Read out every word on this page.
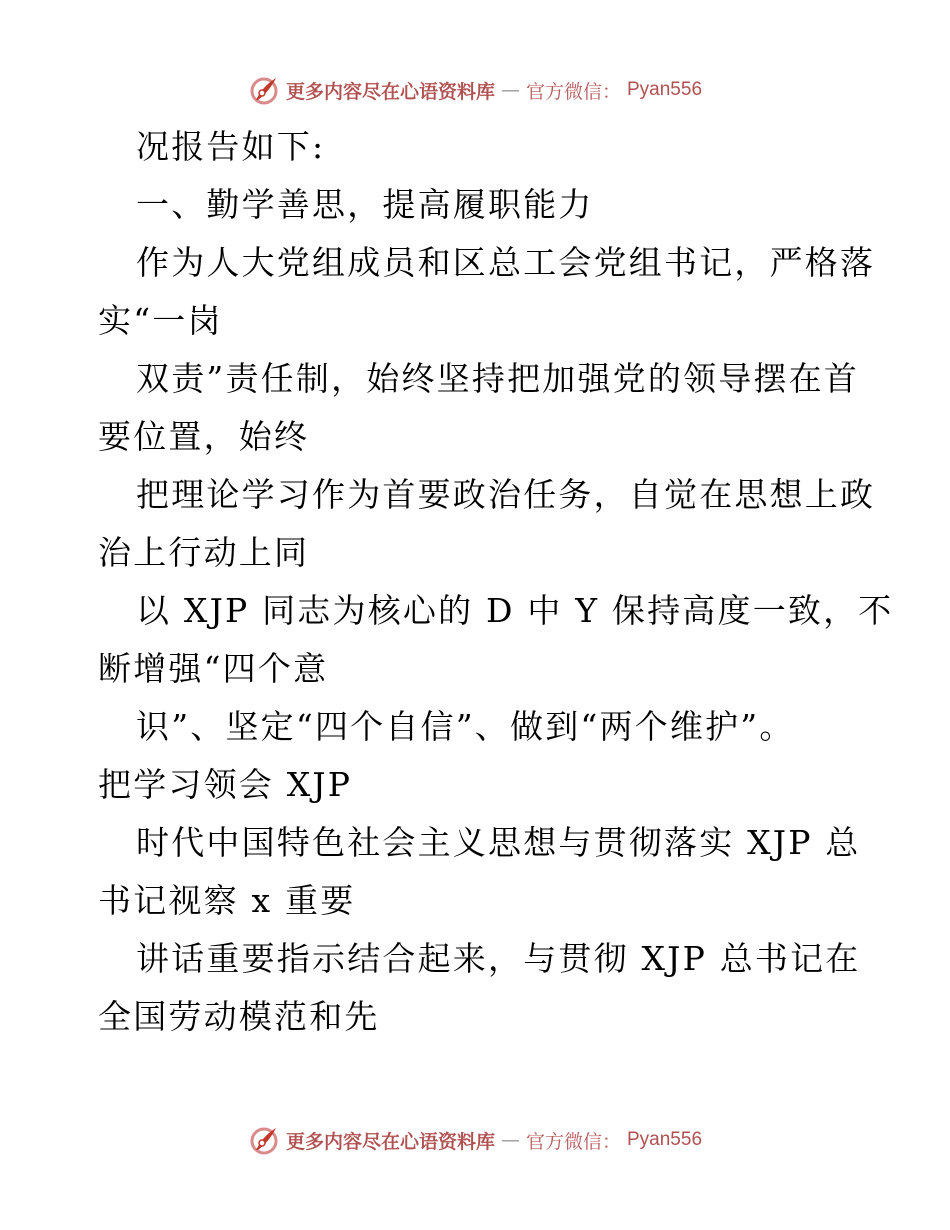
更多内容尽在心语资料库 — 官方微信： Pyan556
况报告如下:
一、勤学善思，提高履职能力
作为人大党组成员和区总工会党组书记，严格落
实“一岗
双责”责任制，始终坚持把加强党的领导摆在首
要位置，始终
把理论学习作为首要政治任务，自觉在思想上政
治上行动上同
以 XJP 同志为核心的 D 中 Y 保持高度一致，不
断增强“四个意
识”、坚定“四个自信”、做到“两个维护”。
把学习领会 XJP
时代中国特色社会主义思想与贯彻落实 XJP 总
书记视察 x 重要
讲话重要指示结合起来，与贯彻 XJP 总书记在
全国劳动模范和先
更多内容尽在心语资料库 — 官方微信： Pyan556
